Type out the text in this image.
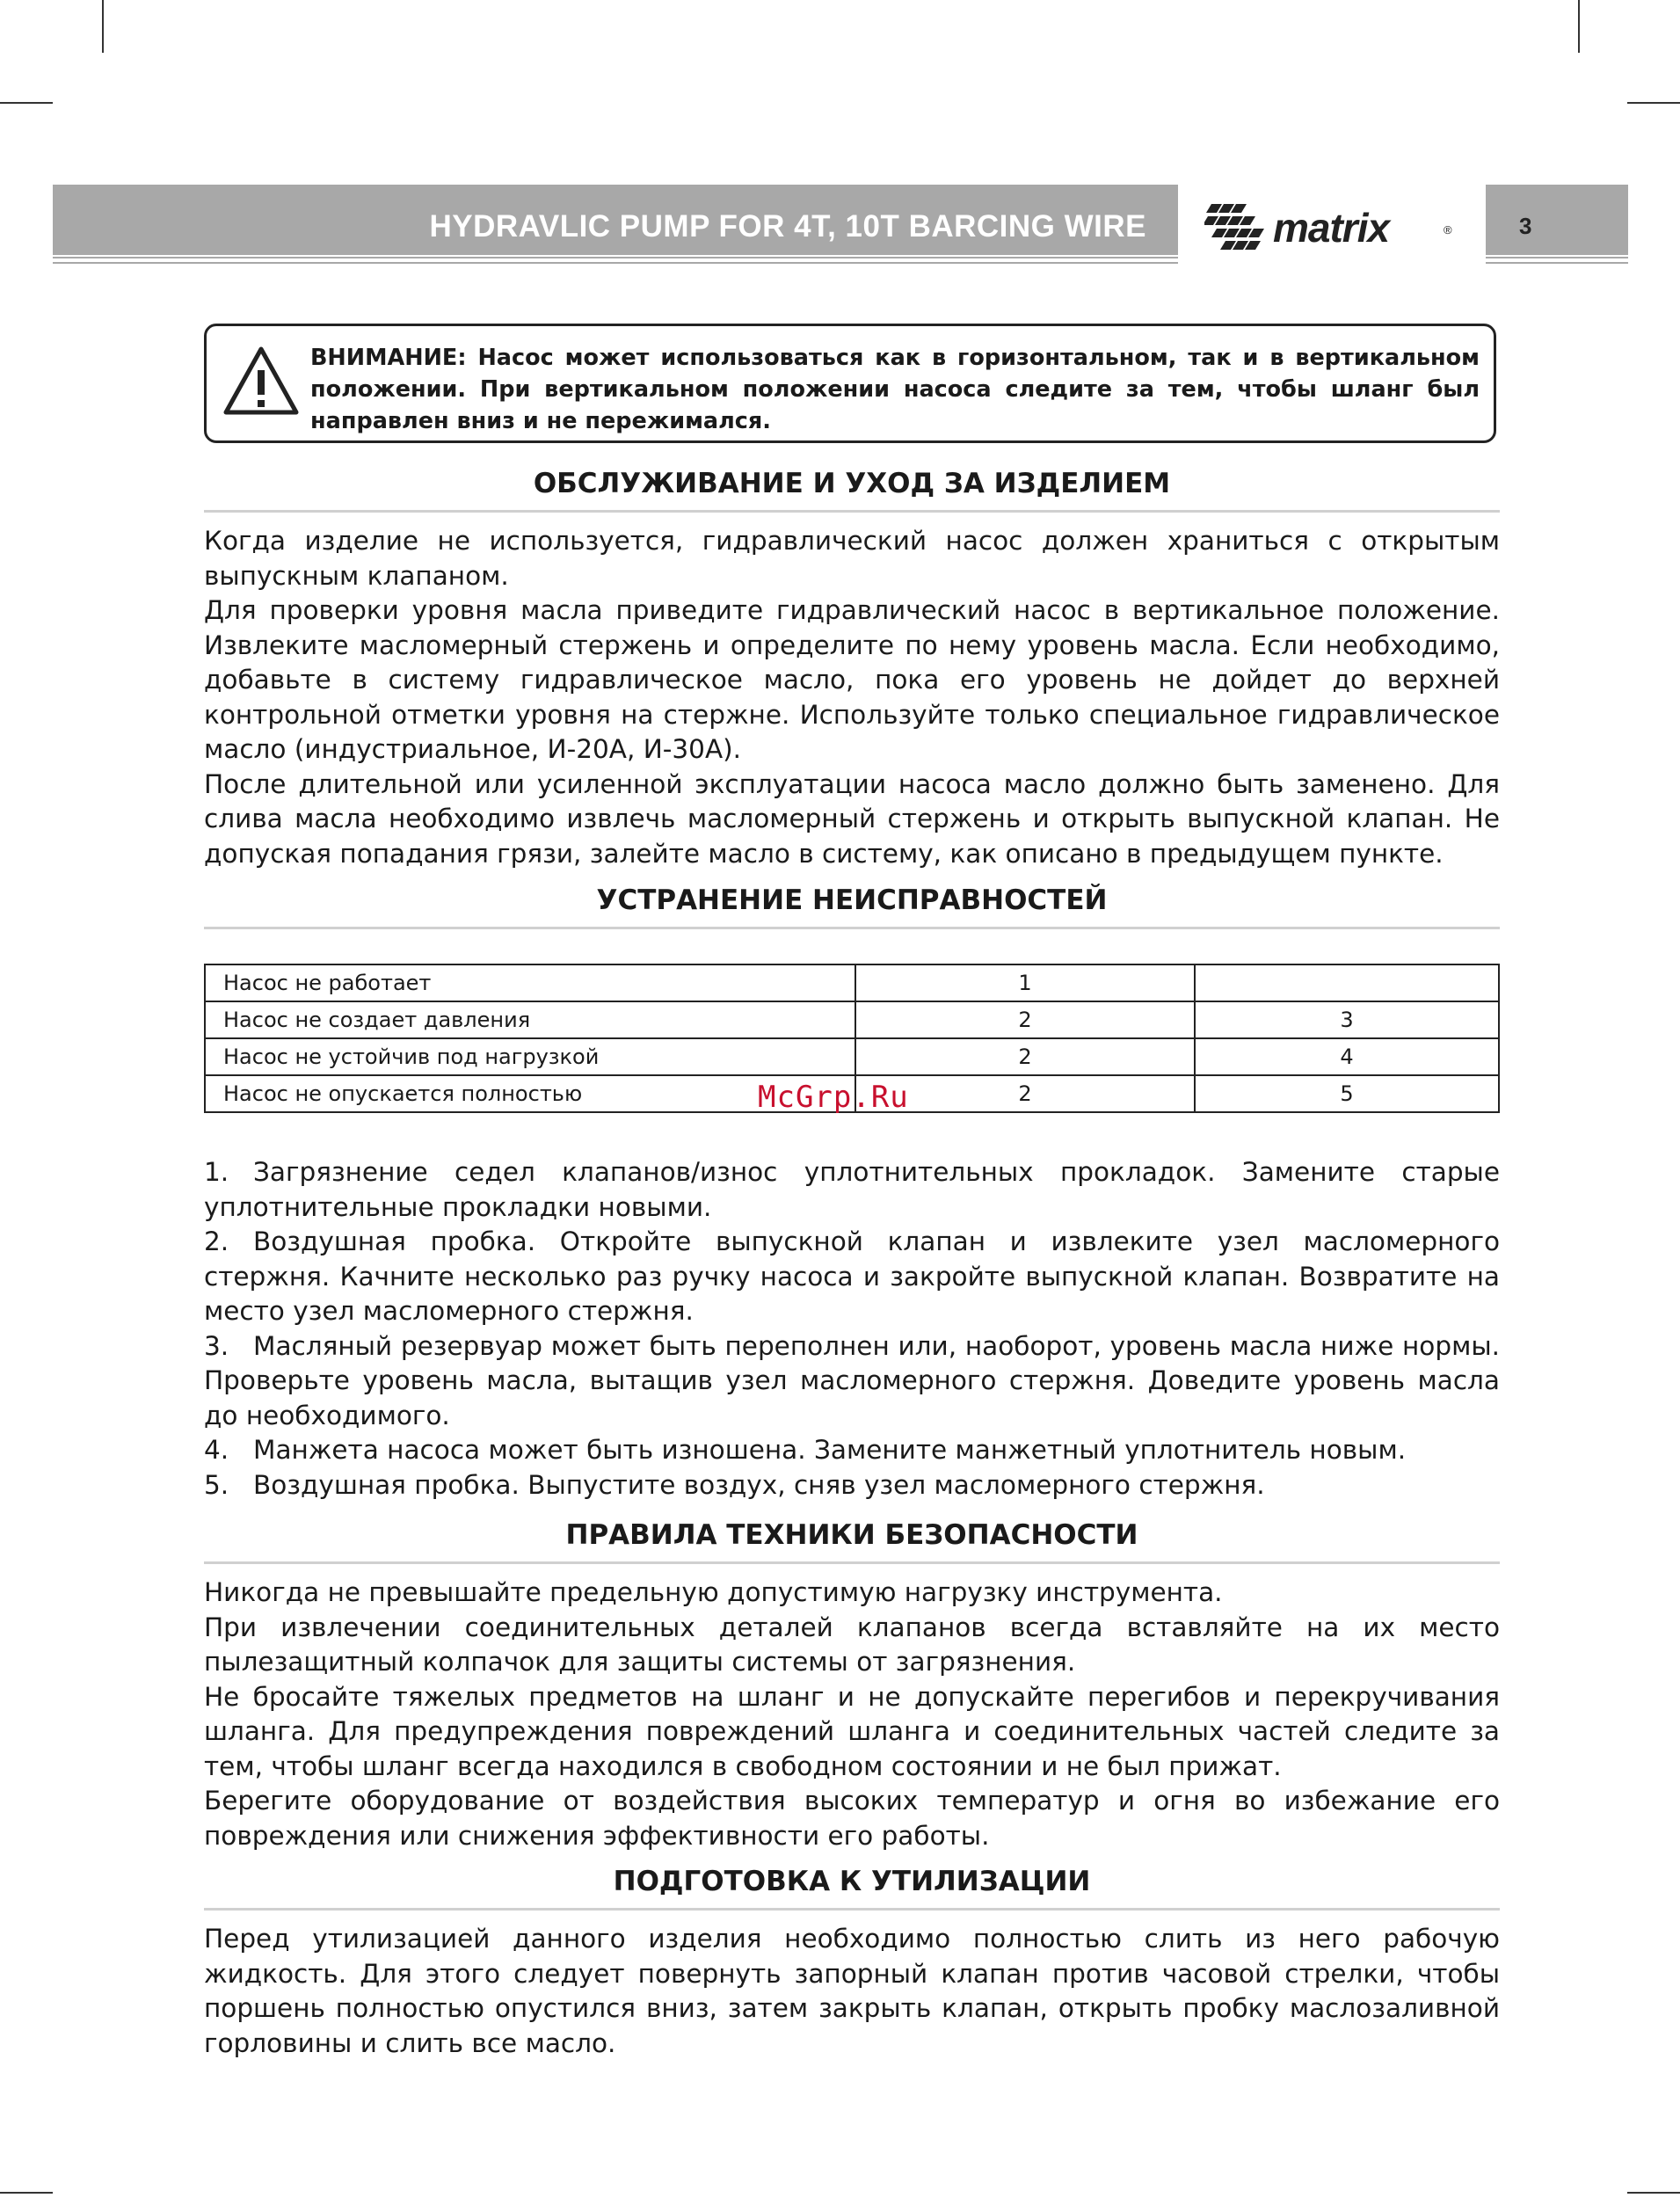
HYDRAVLIC PUMP FOR 4T, 10T BARCING WIRE	matrix	®	3
ВНИМАНИЕ: Насос может использоваться как в горизонтальном, так и в вертикальном положении. При вертикальном положении насоса следите за тем, чтобы шланг был направлен вниз и не пережимался.
ОБСЛУЖИВАНИЕ И УХОД ЗА ИЗДЕЛИЕМ

Когда изделие не используется, гидравлический насос должен храниться с открытым выпускным клапаном.

Для проверки уровня масла приведите гидравлический насос в вертикальное положение. Извлеките масломерный стержень и определите по нему уровень масла. Если необходимо, добавьте в систему гидравлическое масло, пока его уровень не дойдет до верхней контрольной отметки уровня на стержне. Используйте только специальное гидравлическое масло (индустриальное, И-20А, И-30А).

После длительной или усиленной эксплуатации насоса масло должно быть заменено. Для слива масла необходимо извлечь масломерный стержень и открыть выпускной клапан. Не допуская попадания грязи, залейте масло в систему, как описано в предыдущем пункте.

УСТРАНЕНИЕ НЕИСПРАВНОСТЕЙ
Насос не работает	1	
Насос не создает давления	2	3
Насос не устойчив под нагрузкой	2	4
Насос не опускается полностью	2	5
McGrp.Ru

1. Загрязнение седел клапанов/износ уплотнительных прокладок. Замените старые уплотнительные прокладки новыми.

2. Воздушная пробка. Откройте выпускной клапан и извлеките узел масломерного стержня. Качните несколько раз ручку насоса и закройте выпускной клапан. Возвратите на место узел масломерного стержня.

3. Масляный резервуар может быть переполнен или, наоборот, уровень масла ниже нормы. Проверьте уровень масла, вытащив узел масломерного стержня. Доведите уровень масла до необходимого.

4. Манжета насоса может быть изношена. Замените манжетный уплотнитель новым.

5. Воздушная пробка. Выпустите воздух, сняв узел масломерного стержня.

ПРАВИЛА ТЕХНИКИ БЕЗОПАСНОСТИ

Никогда не превышайте предельную допустимую нагрузку инструмента.

При извлечении соединительных деталей клапанов всегда вставляйте на их место пылезащитный колпачок для защиты системы от загрязнения.

Не бросайте тяжелых предметов на шланг и не допускайте перегибов и перекручивания шланга. Для предупреждения повреждений шланга и соединительных частей следите за тем, чтобы шланг всегда находился в свободном состоянии и не был прижат.

Берегите оборудование от воздействия высоких температур и огня во избежание его повреждения или снижения эффективности его работы.

ПОДГОТОВКА К УТИЛИЗАЦИИ

Перед утилизацией данного изделия необходимо полностью слить из него рабочую жидкость. Для этого следует повернуть запорный клапан против часовой стрелки, чтобы поршень полностью опустился вниз, затем закрыть клапан, открыть пробку маслозаливной горловины и слить все масло.
